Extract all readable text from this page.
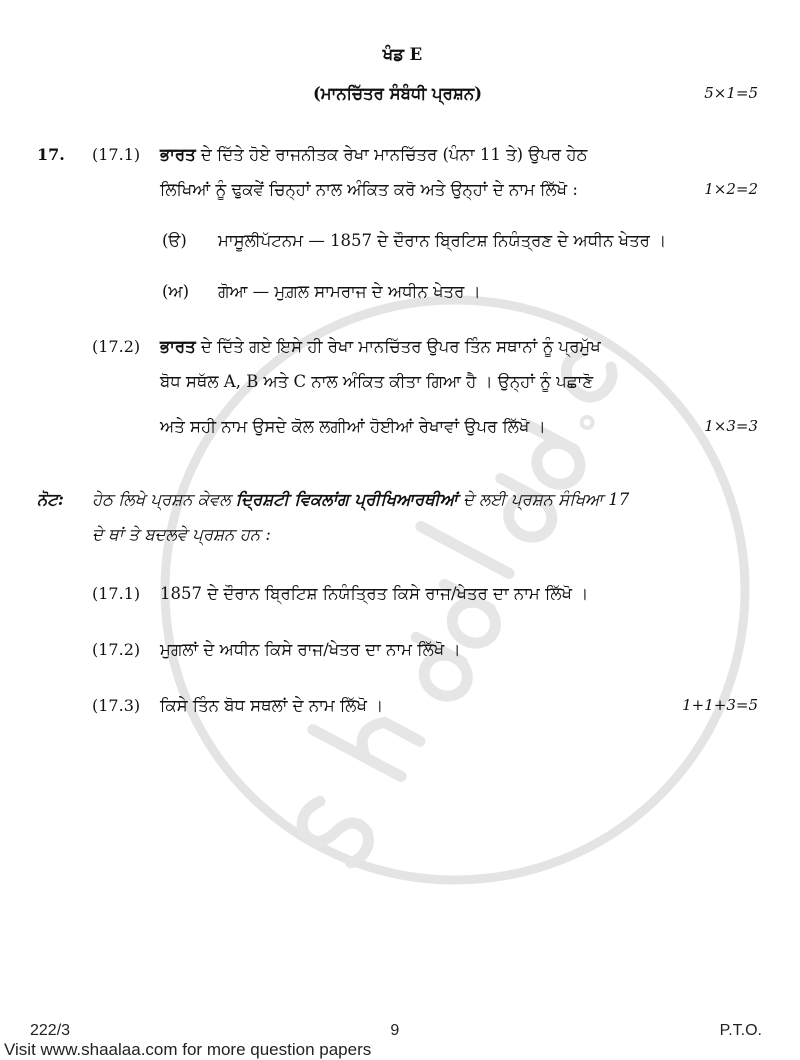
ਖੰਡ E
(ਮਾਨਚਿੱਤਰ ਸੰਬੰਧੀ ਪ੍ਰਸ਼ਨ)	5×1=5
17.	(17.1)	ਭਾਰਤ ਦੇ ਦਿੱਤੇ ਹੋਏ ਰਾਜਨੀਤਕ ਰੇਖਾ ਮਾਨਚਿੱਤਰ (ਪੰਨਾ 11 ਤੇ) ਉਪਰ ਹੇਠ
ਲਿਖਿਆਂ ਨੂੰ ਢੁਕਵੇਂ ਚਿਨ੍ਹਾਂ ਨਾਲ ਅੰਕਿਤ ਕਰੋ ਅਤੇ ਉਨ੍ਹਾਂ ਦੇ ਨਾਮ ਲਿੱਖੋ :	1×2=2
(ੳ)	ਮਾਸੂਲੀਪੱਟਨਮ — 1857 ਦੇ ਦੌਰਾਨ ਬ੍ਰਿਟਿਸ਼ ਨਿਯੰਤ੍ਰਣ ਦੇ ਅਧੀਨ ਖੇਤਰ ।
(ਅ)	ਗੋਆ — ਮੁਗ਼ਲ ਸਾਮਰਾਜ ਦੇ ਅਧੀਨ ਖੇਤਰ ।
(17.2)	ਭਾਰਤ ਦੇ ਦਿੱਤੇ ਗਏ ਇਸੇ ਹੀ ਰੇਖਾ ਮਾਨਚਿੱਤਰ ਉਪਰ ਤਿੰਨ ਸਥਾਨਾਂ ਨੂੰ ਪ੍ਰਮੁੱਖ
ਬੋਧ ਸਥੱਲ A, B ਅਤੇ C ਨਾਲ ਅੰਕਿਤ ਕੀਤਾ ਗਿਆ ਹੈ । ਉਨ੍ਹਾਂ ਨੂੰ ਪਛਾਣੋ
ਅਤੇ ਸਹੀ ਨਾਮ ਉਸਦੇ ਕੋਲ ਲਗੀਆਂ ਹੋਈਆਂ ਰੇਖਾਵਾਂ ਉਪਰ ਲਿੱਖੋ ।	1×3=3
ਨੋਟ:	ਹੇਠ ਲਿਖੇ ਪ੍ਰਸ਼ਨ ਕੇਵਲ ਦ੍ਰਿਸ਼ਟੀ ਵਿਕਲਾਂਗ ਪ੍ਰੀਖਿਆਰਥੀਆਂ ਦੇ ਲਈ ਪ੍ਰਸ਼ਨ ਸੰਖਿਆ 17
ਦੇ ਥਾਂ ਤੇ ਬਦਲਵੇ ਪ੍ਰਸ਼ਨ ਹਨ :
(17.1)	1857 ਦੇ ਦੌਰਾਨ ਬ੍ਰਿਟਿਸ਼ ਨਿਯੰਤ੍ਰਿਤ ਕਿਸੇ ਰਾਜ/ਖੇਤਰ ਦਾ ਨਾਮ ਲਿੱਖੋ ।
(17.2)	ਮੁਗਲਾਂ ਦੇ ਅਧੀਨ ਕਿਸੇ ਰਾਜ/ਖੇਤਰ ਦਾ ਨਾਮ ਲਿੱਖੋ ।
(17.3)	ਕਿਸੇ ਤਿੰਨ ਬੋਧ ਸਥਲਾਂ ਦੇ ਨਾਮ ਲਿੱਖੋ ।	1+1+3=5
222/3	9	P.T.O.
Visit www.shaalaa.com for more question papers
